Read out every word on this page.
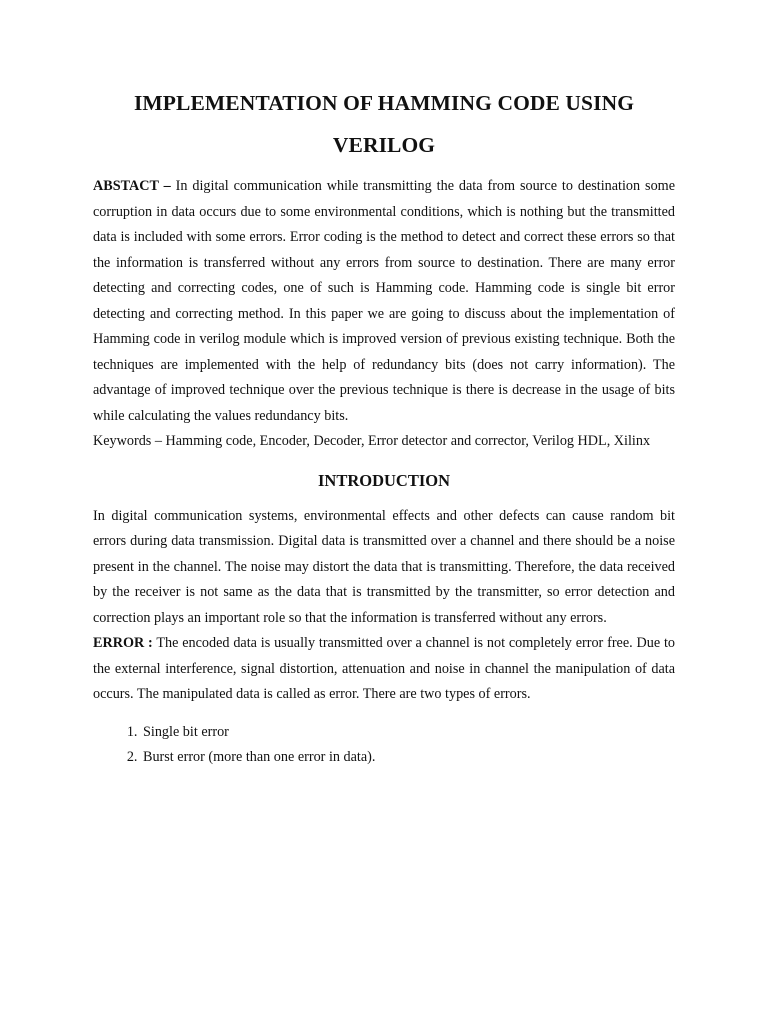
IMPLEMENTATION OF HAMMING CODE USING
VERILOG

ABSTACT – In digital communication while transmitting the data from source to destination some corruption in data occurs due to some environmental conditions, which is nothing but the transmitted data is included with some errors. Error coding is the method to detect and correct these errors so that the information is transferred without any errors from source to destination. There are many error detecting and correcting codes, one of such is Hamming code. Hamming code is single bit error detecting and correcting method. In this paper we are going to discuss about the implementation of Hamming code in verilog module which is improved version of previous existing technique. Both the techniques are implemented with the help of redundancy bits (does not carry information). The advantage of improved technique over the previous technique is there is decrease in the usage of bits while calculating the values redundancy bits.

Keywords – Hamming code, Encoder, Decoder, Error detector and corrector, Verilog HDL, Xilinx

INTRODUCTION

In digital communication systems, environmental effects and other defects can cause random bit errors during data transmission. Digital data is transmitted over a channel and there should be a noise present in the channel. The noise may distort the data that is transmitting. Therefore, the data received by the receiver is not same as the data that is transmitted by the transmitter, so error detection and correction plays an important role so that the information is transferred without any errors.

ERROR : The encoded data is usually transmitted over a channel is not completely error free. Due to the external interference, signal distortion, attenuation and noise in channel the manipulation of data occurs. The manipulated data is called as error. There are two types of errors.

1. Single bit error
2. Burst error (more than one error in data).
